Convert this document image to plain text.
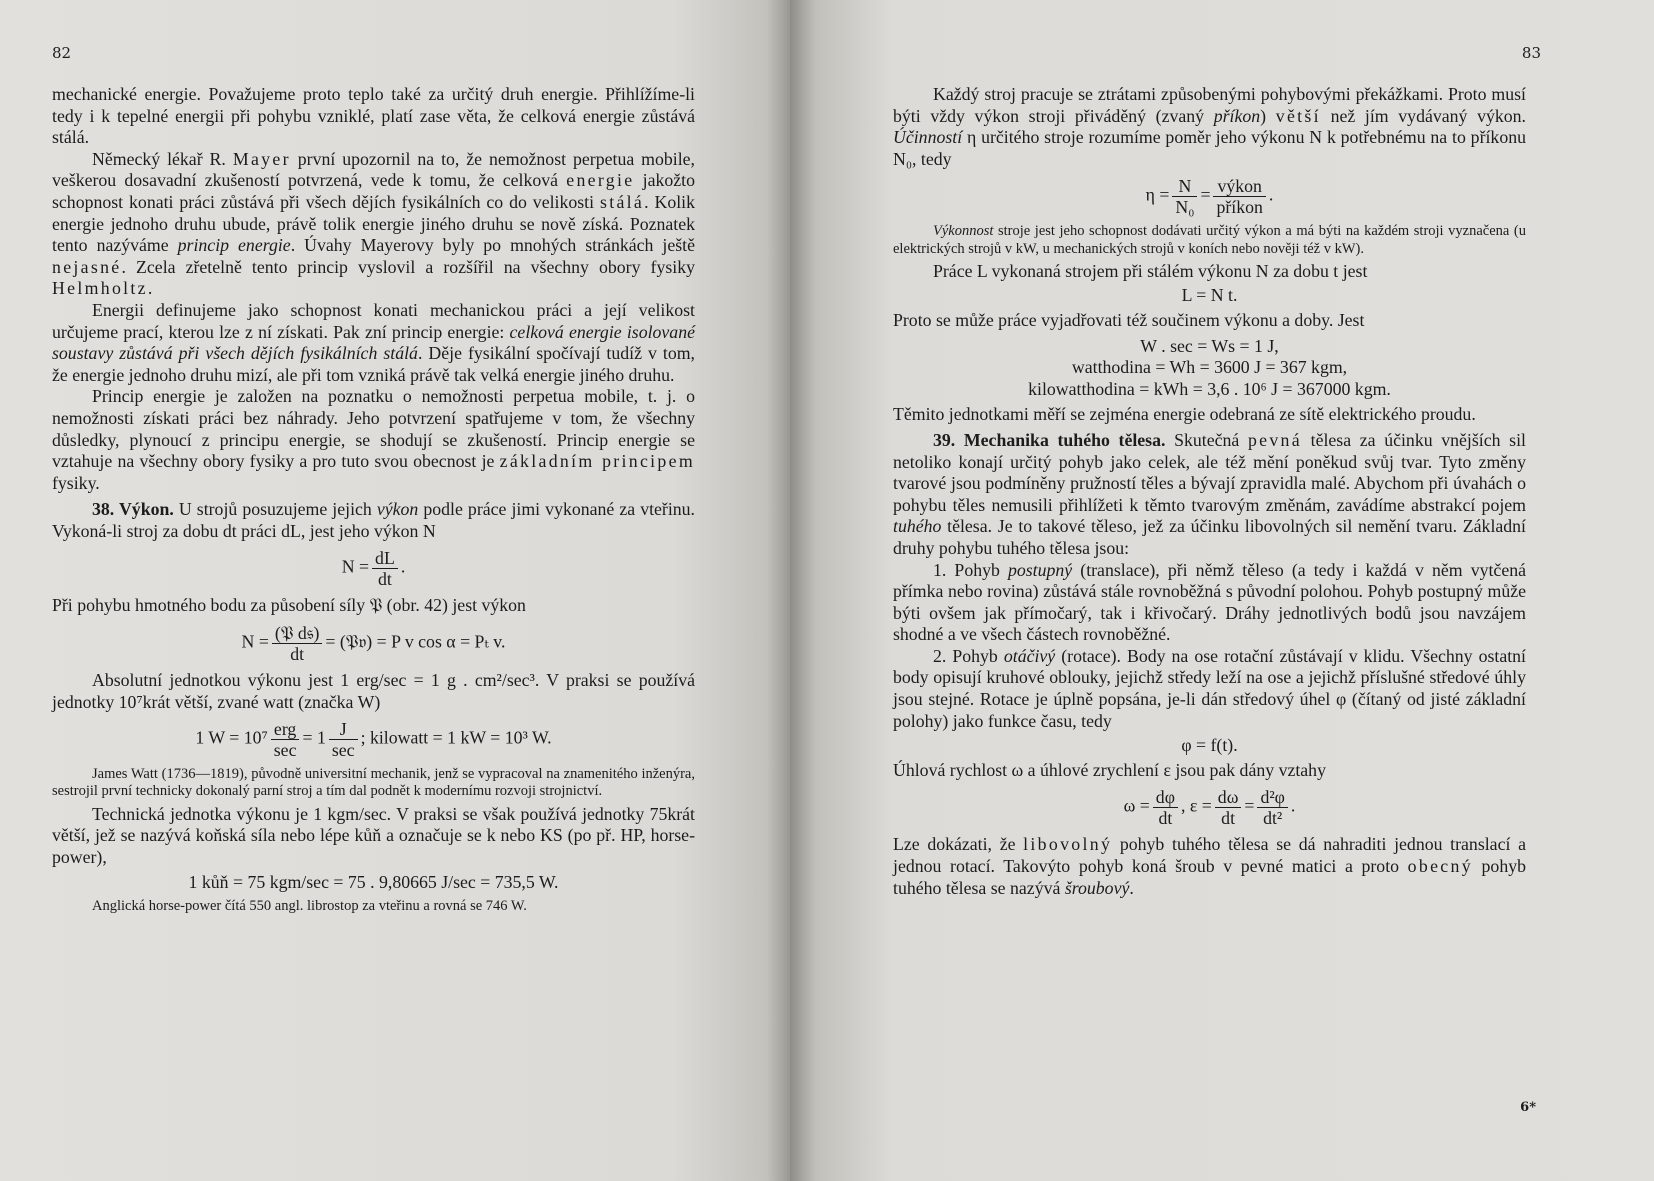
82

mechanické energie. Považujeme proto teplo také za určitý druh energie. Přihlížíme-li tedy i k tepelné energii při pohybu vzniklé, platí zase věta, že celková energie zůstává stálá.

Německý lékař R. Mayer první upozornil na to, že nemožnost perpetua mobile, veškerou dosavadní zkušeností potvrzená, vede k tomu, že celková energie jakožto schopnost konati práci zůstává při všech dějích fysikálních co do velikosti stálá. Kolik energie jednoho druhu ubude, právě tolik energie jiného druhu se nově získá. Poznatek tento nazýváme princip energie. Úvahy Mayerovy byly po mnohých stránkách ještě nejasné. Zcela zřetelně tento princip vyslovil a rozšířil na všechny obory fysiky Helmholtz.

Energii definujeme jako schopnost konati mechanickou práci a její velikost určujeme prací, kterou lze z ní získati. Pak zní princip energie: celková energie isolované soustavy zůstává při všech dějích fysikálních stálá. Děje fysikální spočívají tudíž v tom, že energie jednoho druhu mizí, ale při tom vzniká právě tak velká energie jiného druhu.

Princip energie je založen na poznatku o nemožnosti perpetua mobile, t. j. o nemožnosti získati práci bez náhrady. Jeho potvrzení spatřujeme v tom, že všechny důsledky, plynoucí z principu energie, se shodují se zkušeností. Princip energie se vztahuje na všechny obory fysiky a pro tuto svou obecnost je základním principem fysiky.

38. Výkon. U strojů posuzujeme jejich výkon podle práce jimi vykonané za vteřinu. Vykoná-li stroj za dobu dt práci dL, jest jeho výkon N

$N = \frac{dL}{dt}$ .

Při pohybu hmotného bodu za působení síly 𝔓 (obr. 42) jest výkon

$N = \frac{\text{(𝔓 d𝔰)}}{dt}$ = (𝔓𝔳) = P v cos α = Pₜ v.

Absolutní jednotkou výkonu jest 1 erg/sec = 1 g . cm²/sec³. V praksi se používá jednotky 10⁷krát větší, zvané watt (značka W)

1 $W = 10^7 \frac{\text{erg}}{\sec} = 1 \frac{J}{\sec}$ ; kilowatt = 1 kW = 10³ W.

James Watt (1736—1819), původně universitní mechanik, jenž se vypracoval na znamenitého inženýra, sestrojil první technicky dokonalý parní stroj a tím dal podnět k modernímu rozvoji strojnictví.

Technická jednotka výkonu je 1 kgm/sec. V praksi se však používá jednotky 75krát větší, jež se nazývá koňská síla nebo lépe kůň a označuje se k nebo KS (po př. HP, horse-power),

1 kůň = 75 kgm/sec = 75 . 9,80665 J/sec = 735,5 W.

Anglická horse-power čítá 550 angl. librostop za vteřinu a rovná se 746 W.

83

Každý stroj pracuje se ztrátami způsobenými pohybovými překážkami. Proto musí býti vždy výkon stroji přiváděný (zvaný příkon) větší než jím vydávaný výkon. Účinností η určitého stroje rozumíme poměr jeho výkonu N k potřebnému na to příkonu N₀, tedy

$\eta = \frac{N}{\text{N₀}} = \frac{\text{výkon}}{\text{příkon}}$ .

Výkonnost stroje jest jeho schopnost dodávati určitý výkon a má býti na každém stroji vyznačena (u elektrických strojů v kW, u mechanických strojů v koních nebo nověji též v kW).

Práce L vykonaná strojem při stálém výkonu N za dobu t jest

L = N t.

Proto se může práce vyjadřovati též součinem výkonu a doby. Jest

W . sec = Ws = 1 J,
watthodina = Wh = 3600 J = 367 kgm,
kilowatthodina = kWh = 3,6 . 10⁶ J = 367000 kgm.

Těmito jednotkami měří se zejména energie odebraná ze sítě elektrického proudu.

39. Mechanika tuhého tělesa. Skutečná pevná tělesa za účinku vnějších sil netoliko konají určitý pohyb jako celek, ale též mění poněkud svůj tvar. Tyto změny tvarové jsou podmíněny pružností těles a bývají zpravidla malé. Abychom při úvahách o pohybu těles nemusili přihlížeti k těmto tvarovým změnám, zavádíme abstrakcí pojem tuhého tělesa. Je to takové těleso, jež za účinku libovolných sil nemění tvaru. Základní druhy pohybu tuhého tělesa jsou:

1. Pohyb postupný (translace), při němž těleso (a tedy i každá v něm vytčená přímka nebo rovina) zůstává stále rovnoběžná s původní polohou. Pohyb postupný může býti ovšem jak přímočarý, tak i křivočarý. Dráhy jednotlivých bodů jsou navzájem shodné a ve všech částech rovnoběžné.

2. Pohyb otáčivý (rotace). Body na ose rotační zůstávají v klidu. Všechny ostatní body opisují kruhové oblouky, jejichž středy leží na ose a jejichž příslušné středové úhly jsou stejné. Rotace je úplně popsána, je-li dán středový úhel φ (čítaný od jisté základní polohy) jako funkce času, tedy

φ = f(t).

Úhlová rychlost ω a úhlové zrychlení ε jsou pak dány vztahy

$\omega = \frac{d\varphi}{dt}$ , $\varepsilon = \frac{d\omega}{dt} = \frac{\text{d²φ}}{\text{dt²}}$ .

Lze dokázati, že libovolný pohyb tuhého tělesa se dá nahraditi jednou translací a jednou rotací. Takovýto pohyb koná šroub v pevné matici a proto obecný pohyb tuhého tělesa se nazývá šroubový.

6*
